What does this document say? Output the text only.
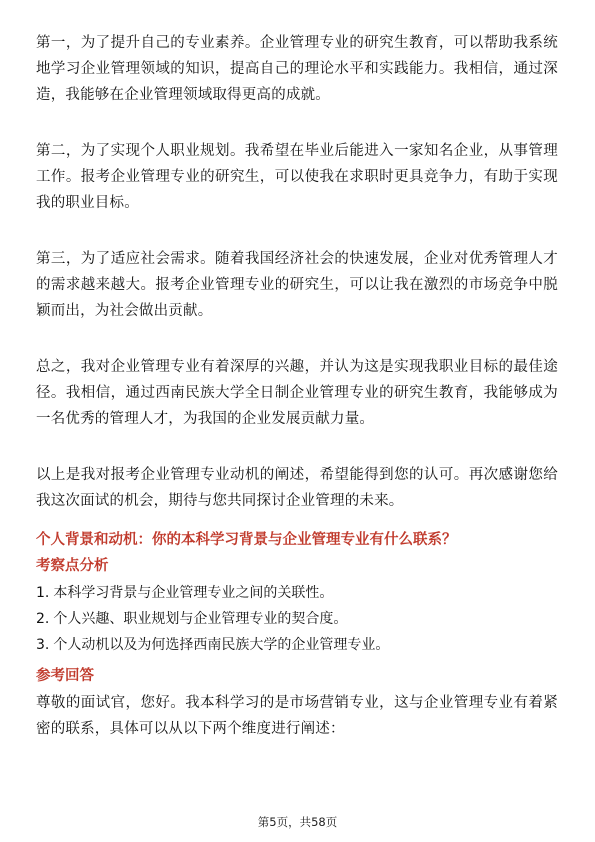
第一，为了提升自己的专业素养。企业管理专业的研究生教育，可以帮助我系统地学习企业管理领域的知识，提高自己的理论水平和实践能力。我相信，通过深造，我能够在企业管理领域取得更高的成就。

第二，为了实现个人职业规划。我希望在毕业后能进入一家知名企业，从事管理工作。报考企业管理专业的研究生，可以使我在求职时更具竞争力，有助于实现我的职业目标。

第三，为了适应社会需求。随着我国经济社会的快速发展，企业对优秀管理人才的需求越来越大。报考企业管理专业的研究生，可以让我在激烈的市场竞争中脱颖而出，为社会做出贡献。

总之，我对企业管理专业有着深厚的兴趣，并认为这是实现我职业目标的最佳途径。我相信，通过西南民族大学全日制企业管理专业的研究生教育，我能够成为一名优秀的管理人才，为我国的企业发展贡献力量。

以上是我对报考企业管理专业动机的阐述，希望能得到您的认可。再次感谢您给我这次面试的机会，期待与您共同探讨企业管理的未来。

个人背景和动机：你的本科学习背景与企业管理专业有什么联系？

考察点分析

1. 本科学习背景与企业管理专业之间的关联性。

2. 个人兴趣、职业规划与企业管理专业的契合度。

3. 个人动机以及为何选择西南民族大学的企业管理专业。

参考回答

尊敬的面试官，您好。我本科学习的是市场营销专业，这与企业管理专业有着紧密的联系，具体可以从以下两个维度进行阐述：

第5页，共58页
